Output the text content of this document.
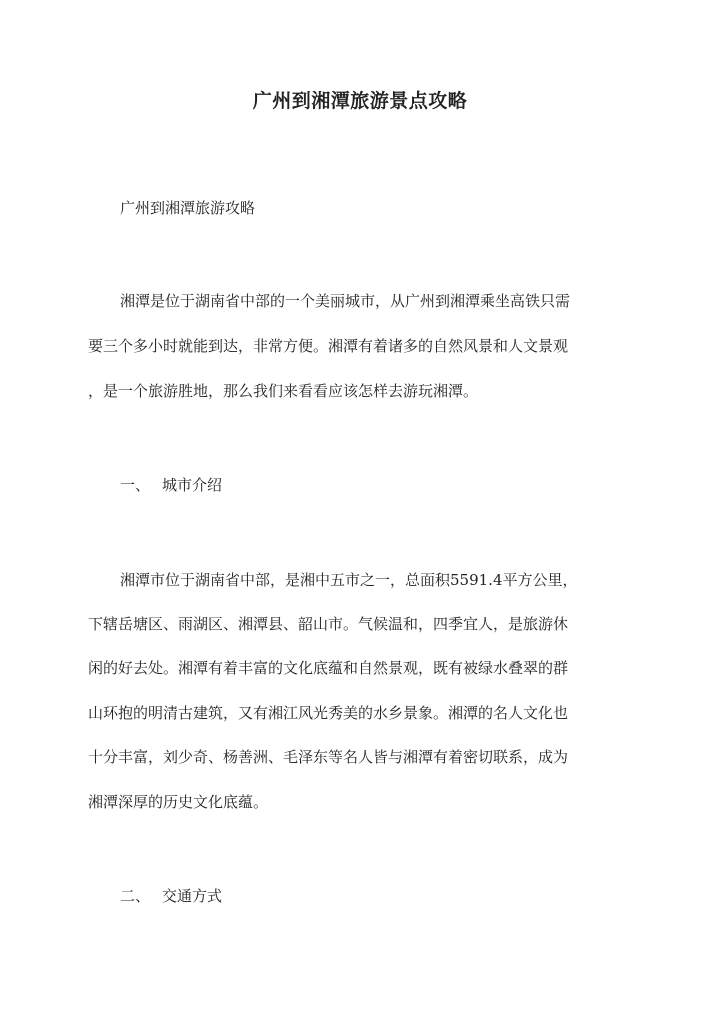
广州到湘潭旅游景点攻略

广州到湘潭旅游攻略

湘潭是位于湖南省中部的一个美丽城市，从广州到湘潭乘坐高铁只需

要三个多小时就能到达，非常方便。湘潭有着诸多的自然风景和人文景观

，是一个旅游胜地，那么我们来看看应该怎样去游玩湘潭。

一、 城市介绍

湘潭市位于湖南省中部，是湘中五市之一，总面积5591.4平方公里，

下辖岳塘区、雨湖区、湘潭县、韶山市。气候温和，四季宜人，是旅游休

闲的好去处。湘潭有着丰富的文化底蕴和自然景观，既有被绿水叠翠的群

山环抱的明清古建筑，又有湘江风光秀美的水乡景象。湘潭的名人文化也

十分丰富，刘少奇、杨善洲、毛泽东等名人皆与湘潭有着密切联系，成为

湘潭深厚的历史文化底蕴。

二、 交通方式
